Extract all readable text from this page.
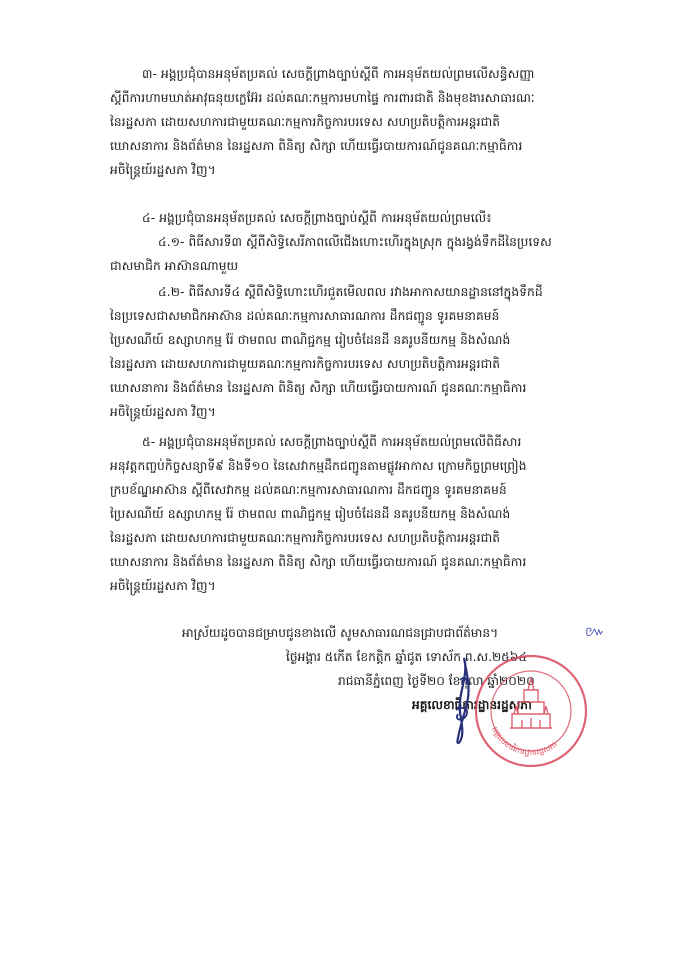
៣- អង្គប្រជុំបានអនុម័តប្រគល់ សេចក្តីព្រាងច្បាប់ស្តីពី ការអនុម័តយល់ព្រមលើសន្ធិសញ្ញា
ស្តីពីការហាមឃាត់អាវុធនុយក្លេអ៊ែរ ដល់គណៈកម្មការមហាផ្ទៃ ការពារជាតិ និងមុខងារសាធារណៈ
នៃរដ្ឋសភា ដោយសហការជាមួយគណៈកម្មការកិច្ចការបរទេស សហប្រតិបត្តិការអន្តរជាតិ
ឃោសនាការ និងព័ត៌មាន នៃរដ្ឋសភា ពិនិត្យ សិក្សា ហើយធ្វើរបាយការណ៍ជូនគណៈកម្មាធិការ
អចិន្ត្រៃយ៍រដ្ឋសភា វិញ។
៤- អង្គប្រជុំបានអនុម័តប្រគល់ សេចក្តីព្រាងច្បាប់ស្តីពី ការអនុម័តយល់ព្រមលើ៖
៤.១- ពិធីសារទី៣ ស្តីពីសិទ្ធិសេរីភាពលើជើងហោះហើរក្នុងស្រុក ក្នុងរង្វង់ទឹកដីនៃប្រទេស
ជាសមាជិក អាស៊ានណាមួយ
៤.២- ពិធីសារទី៤ ស្តីពីសិទ្ធិហោះហើរជួតមើលពល រវាងអាកាសយានដ្ឋាននៅក្នុងទឹកដី
នៃប្រទេសជាសមាជិកអាស៊ាន ដល់គណៈកម្មការសាធារណការ ដឹកជញ្ជូន ទូរគមនាគមន៍
ប្រៃសណីយ៍ ឧស្សាហកម្ម រ៉ែ ថាមពល ពាណិជ្ជកម្ម រៀបចំដែនដី នគរូបនីយកម្ម និងសំណង់
នៃរដ្ឋសភា ដោយសហការជាមួយគណៈកម្មការកិច្ចការបរទេស សហប្រតិបត្តិការអន្តរជាតិ
ឃោសនាការ និងព័ត៌មាន នៃរដ្ឋសភា ពិនិត្យ សិក្សា ហើយធ្វើរបាយការណ៍ ជូនគណៈកម្មាធិការ
អចិន្ត្រៃយ៍រដ្ឋសភា វិញ។
៥- អង្គប្រជុំបានអនុម័តប្រគល់ សេចក្តីព្រាងច្បាប់ស្តីពី ការអនុម័តយល់ព្រមលើពិធីសារ
អនុវត្តកញ្ចប់កិច្ចសន្យាទី៩ និងទី១០ នៃសេវាកម្មដឹកជញ្ជូនតាមផ្លូវអាកាស ក្រោមកិច្ចព្រមព្រៀង
ក្របខ័ណ្ឌអាស៊ាន ស្តីពីសេវាកម្ម ដល់គណៈកម្មការសាធារណការ ដឹកជញ្ជូន ទូរគមនាគមន៍
ប្រៃសណីយ៍ ឧស្សាហកម្ម រ៉ែ ថាមពល ពាណិជ្ជកម្ម រៀបចំដែនដី នគរូបនីយកម្ម និងសំណង់
នៃរដ្ឋសភា ដោយសហការជាមួយគណៈកម្មការកិច្ចការបរទេស សហប្រតិបត្តិការអន្តរជាតិ
ឃោសនាការ និងព័ត៌មាន នៃរដ្ឋសភា ពិនិត្យ សិក្សា ហើយធ្វើរបាយការណ៍ ជូនគណៈកម្មាធិការ
អចិន្ត្រៃយ៍រដ្ឋសភា វិញ។
អាស្រ័យដូចបានជម្រាបជូនខាងលើ សូមសាធារណជនជ្រាបជាព័ត៌មាន។	៚
ថ្ងៃអង្គារ ៥កើត ខែកត្តិក ឆ្នាំជូត ទោស័ក ព.ស.២៥៦៤
រាជធានីភ្នំពេញ ថ្ងៃទី២០ ខែតុលា ឆ្នាំ២០២០
អគ្គលេខាធិការដ្ឋានរដ្ឋសភា
អគ្គលេខាធិការដ្ឋានរដ្ឋសភា
